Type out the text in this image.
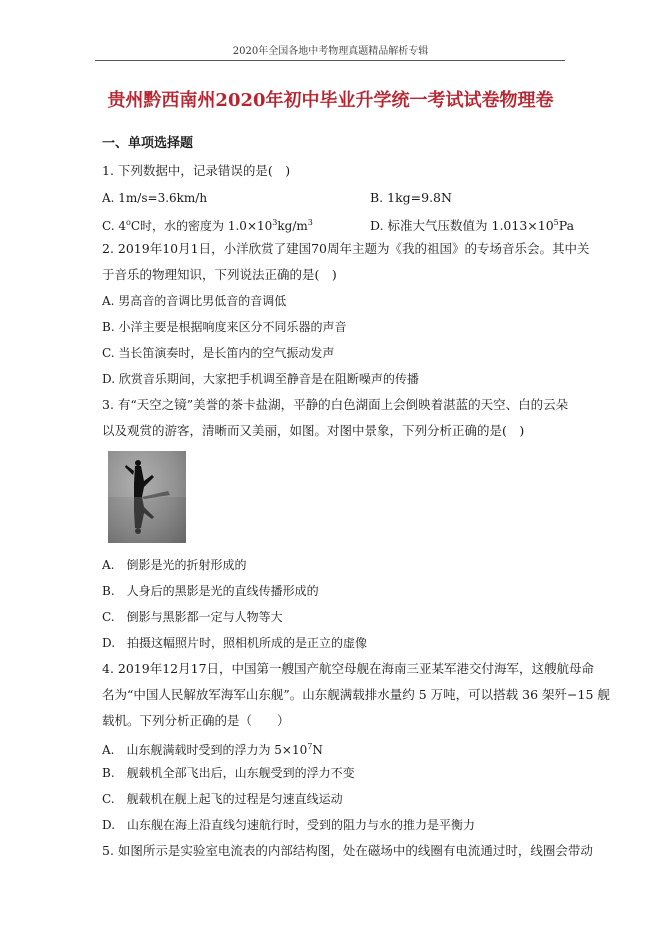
2020年全国各地中考物理真题精品解析专辑
贵州黔西南州2020年初中毕业升学统一考试试卷物理卷
一、单项选择题
1. 下列数据中，记录错误的是(　)
A. 1m/s=3.6km/h	B. 1kg=9.8N
C. 4$^o$C时，水的密度为 $1.0\times 10^3kg/m^3$	D. 标准大气压数值为 $1.013\times 10^5Pa$
2. 2019年10月1日，小洋欣赏了建国70周年主题为《我的祖国》的专场音乐会。其中关
于音乐的物理知识，下列说法正确的是(　)
A. 男高音的音调比男低音的音调低
B. 小洋主要是根据响度来区分不同乐器的声音
C. 当长笛演奏时，是长笛内的空气振动发声
D. 欣赏音乐期间，大家把手机调至静音是在阻断噪声的传播
3. 有“天空之镜”美誉的茶卡盐湖，平静的白色湖面上会倒映着湛蓝的天空、白的云朵
以及观赏的游客，清晰而又美丽，如图。对图中景象，下列分析正确的是(　)
A.　倒影是光的折射形成的
B.　人身后的黑影是光的直线传播形成的
C.　倒影与黑影都一定与人物等大
D.　拍摄这幅照片时，照相机所成的是正立的虚像
4. 2019年12月17日，中国第一艘国产航空母舰在海南三亚某军港交付海军，这艘航母命
名为“中国人民解放军海军山东舰”。山东舰满载排水量约 5 万吨，可以搭载 36 架歼−15 舰
载机。下列分析正确的是（　　）
A.　山东舰满载时受到的浮力为 $5\times 10^7N$
B.　舰载机全部飞出后，山东舰受到的浮力不变
C.　舰载机在舰上起飞的过程是匀速直线运动
D.　山东舰在海上沿直线匀速航行时，受到的阻力与水的推力是平衡力
5. 如图所示是实验室电流表的内部结构图，处在磁场中的线圈有电流通过时，线圈会带动
